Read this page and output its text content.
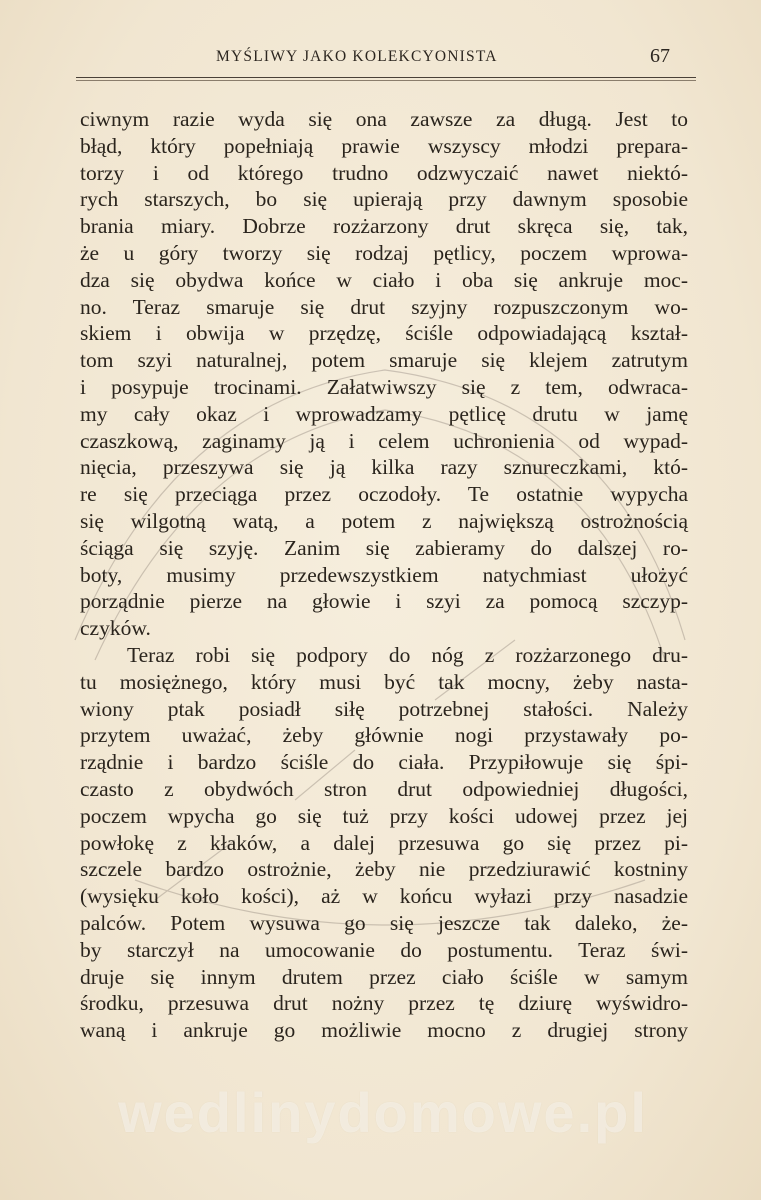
MYŚLIWY JAKO KOLEKCYONISTA	67
ciwnym razie wyda się ona zawsze za długą. Jest to
błąd, który popełniają prawie wszyscy młodzi prepara-
torzy i od którego trudno odzwyczaić nawet niektó-
rych starszych, bo się upierają przy dawnym sposobie
brania miary. Dobrze rozżarzony drut skręca się, tak,
że u góry tworzy się rodzaj pętlicy, poczem wprowa-
dza się obydwa końce w ciało i oba się ankruje moc-
no. Teraz smaruje się drut szyjny rozpuszczonym wo-
skiem i obwija w przędzę, ściśle odpowiadającą kształ-
tom szyi naturalnej, potem smaruje się klejem zatrutym
i posypuje trocinami. Załatwiwszy się z tem, odwraca-
my cały okaz i wprowadzamy pętlicę drutu w jamę
czaszkową, zaginamy ją i celem uchronienia od wypad-
nięcia, przeszywa się ją kilka razy sznureczkami, któ-
re się przeciąga przez oczodoły. Te ostatnie wypycha
się wilgotną watą, a potem z największą ostrożnością
ściąga się szyję. Zanim się zabieramy do dalszej ro-
boty, musimy przedewszystkiem natychmiast ułożyć
porządnie pierze na głowie i szyi za pomocą szczyp-
czyków.
Teraz robi się podpory do nóg z rozżarzonego dru-
tu mosiężnego, który musi być tak mocny, żeby nasta-
wiony ptak posiadł siłę potrzebnej stałości. Należy
przytem uważać, żeby głównie nogi przystawały po-
rządnie i bardzo ściśle do ciała. Przypiłowuje się śpi-
czasto z obydwóch stron drut odpowiedniej długości,
poczem wpycha go się tuż przy kości udowej przez jej
powłokę z kłaków, a dalej przesuwa go się przez pi-
szczele bardzo ostrożnie, żeby nie przedziurawić kostniny
(wysięku koło kości), aż w końcu wyłazi przy nasadzie
palców. Potem wysuwa go się jeszcze tak daleko, że-
by starczył na umocowanie do postumentu. Teraz świ-
druje się innym drutem przez ciało ściśle w samym
środku, przesuwa drut nożny przez tę dziurę wyświdro-
waną i ankruje go możliwie mocno z drugiej strony
wedlinydomowe.pl
